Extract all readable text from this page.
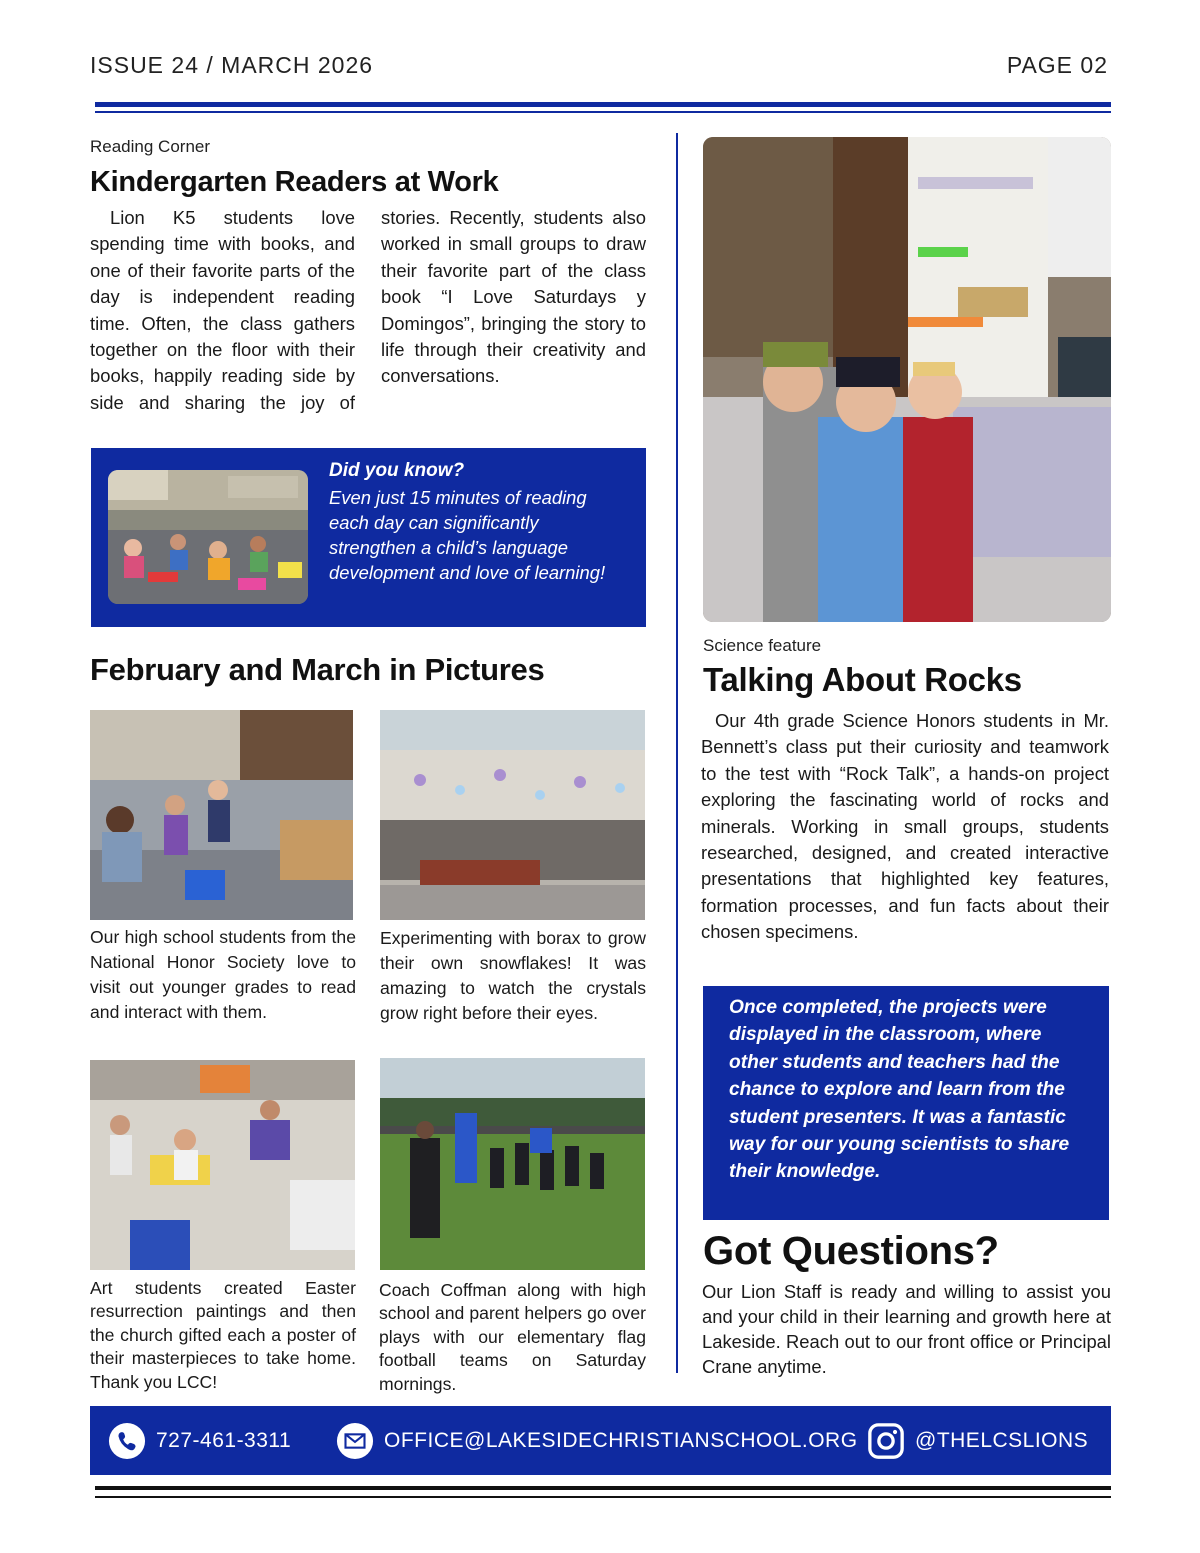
ISSUE 24 / MARCH 2026	PAGE 02
Reading Corner
Kindergarten Readers at Work
Lion K5 students love spending time with books, and one of their favorite parts of the day is independent reading time. Often, the class gathers together on the floor with their books, happily reading side by side and sharing the joy of stories. Recently, students also worked in small groups to draw their favorite part of the class book “I Love Saturdays y Domingos”, bringing the story to life through their creativity and conversations.
Did you know?
Even just 15 minutes of reading each day can significantly strengthen a child’s language development and love of learning!
February and March in Pictures
Our high school students from the National Honor Society love to visit out younger grades to read and interact with them.
Experimenting with borax to grow their own snowflakes! It was amazing to watch the crystals grow right before their eyes.
Art students created Easter resurrection paintings and then the church gifted each a poster of their masterpieces to take home. Thank you LCC!
Coach Coffman along with high school and parent helpers go over plays with our elementary flag football teams on Saturday mornings.
Science feature
Talking About Rocks
Our 4th grade Science Honors students in Mr. Bennett’s class put their curiosity and teamwork to the test with “Rock Talk”, a hands-on project exploring the fascinating world of rocks and minerals. Working in small groups, students researched, designed, and created interactive presentations that highlighted key features, formation processes, and fun facts about their chosen specimens.

Once completed, the projects were displayed in the classroom, where other students and teachers had the chance to explore and learn from the student presenters. It was a fantastic way for our young scientists to share their knowledge.

Got Questions?
Our Lion Staff is ready and willing to assist you and your child in their learning and growth here at Lakeside. Reach out to our front office or Principal Crane anytime.
727-461-3311	OFFICE@LAKESIDECHRISTIANSCHOOL.ORG	@THELCSLIONS
